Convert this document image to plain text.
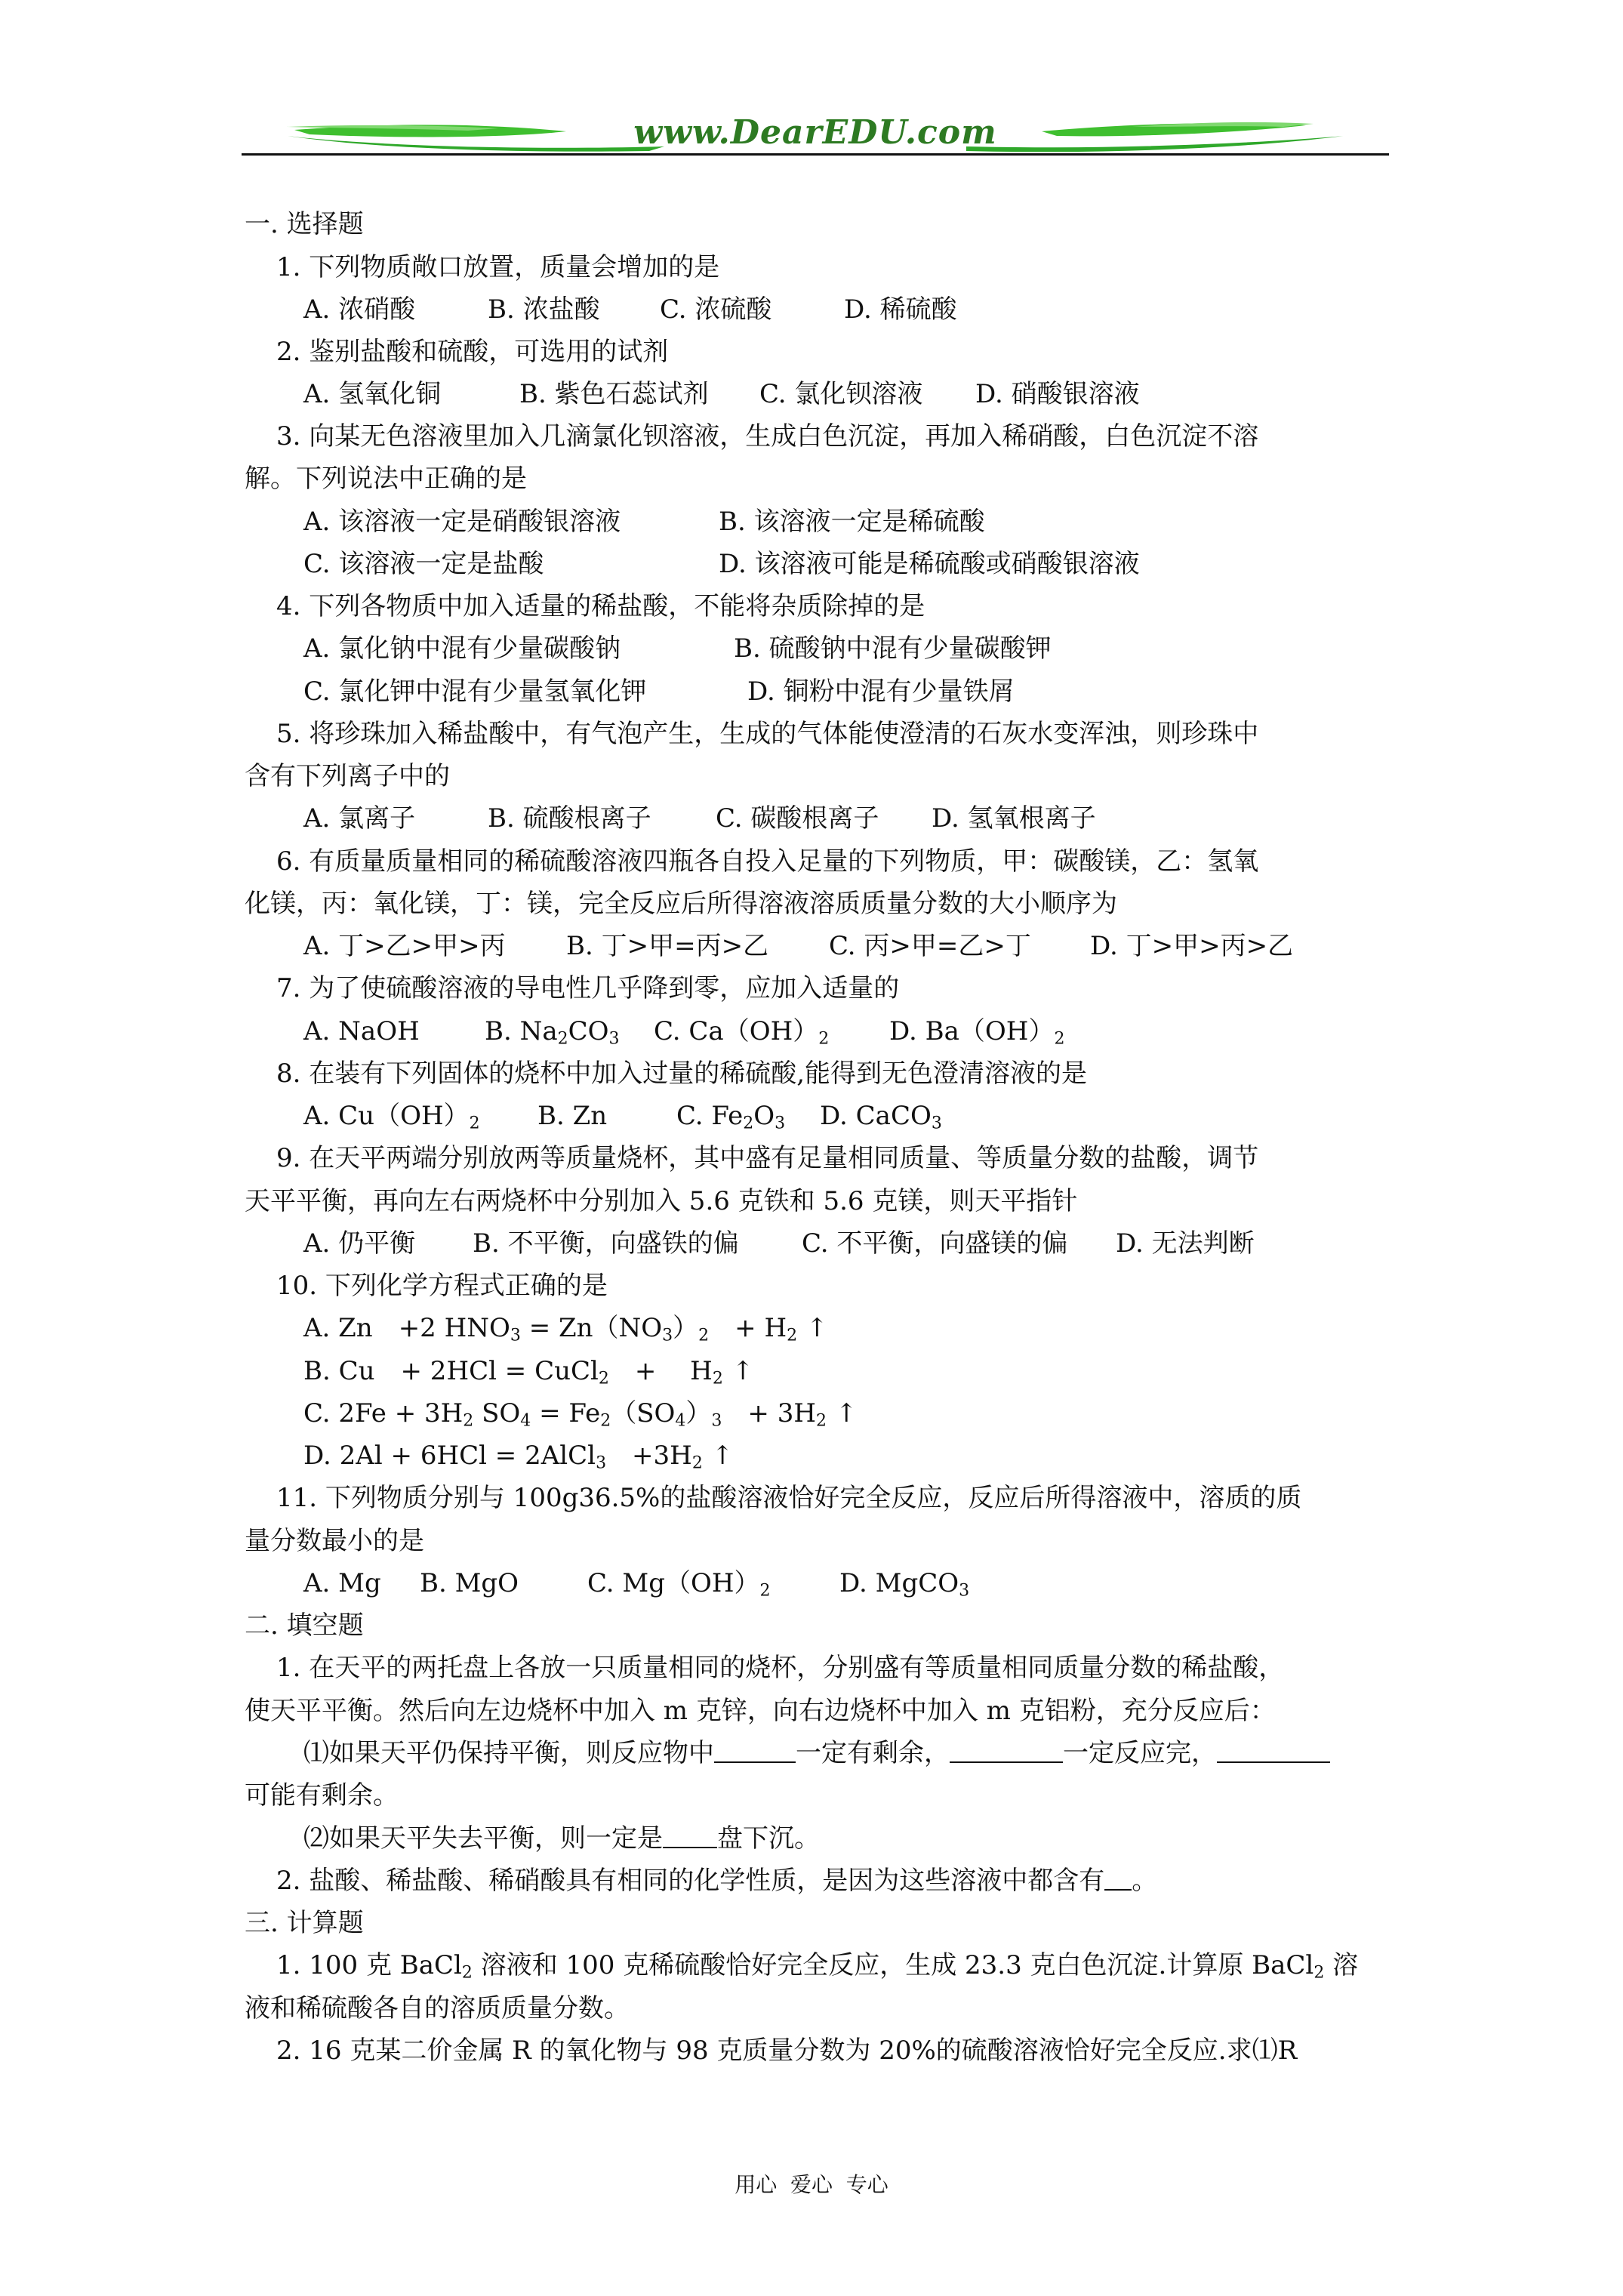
www.DearEDU.com
一. 选择题
1. 下列物质敞口放置，质量会增加的是
A. 浓硝酸	B. 浓盐酸 C. 浓硫酸	D. 稀硫酸
2. 鉴别盐酸和硫酸，可选用的试剂
A. 氢氧化铜	B. 紫色石蕊试剂 C. 氯化钡溶液 D. 硝酸银溶液
3. 向某无色溶液里加入几滴氯化钡溶液，生成白色沉淀，再加入稀硝酸，白色沉淀不溶
解。下列说法中正确的是
A. 该溶液一定是硝酸银溶液	B. 该溶液一定是稀硫酸
C. 该溶液一定是盐酸	D. 该溶液可能是稀硫酸或硝酸银溶液
4. 下列各物质中加入适量的稀盐酸，不能将杂质除掉的是
A. 氯化钠中混有少量碳酸钠	B. 硫酸钠中混有少量碳酸钾
C. 氯化钾中混有少量氢氧化钾	D. 铜粉中混有少量铁屑
5. 将珍珠加入稀盐酸中，有气泡产生，生成的气体能使澄清的石灰水变浑浊，则珍珠中
含有下列离子中的
A. 氯离子	B. 硫酸根离子	C. 碳酸根离子 D. 氢氧根离子
6. 有质量质量相同的稀硫酸溶液四瓶各自投入足量的下列物质，甲：碳酸镁，乙：氢氧
化镁，丙：氧化镁，丁：镁，完全反应后所得溶液溶质质量分数的大小顺序为
A. 丁>乙>甲>丙 B. 丁>甲=丙>乙 C. 丙>甲=乙>丁 D. 丁>甲>丙>乙
7. 为了使硫酸溶液的导电性几乎降到零，应加入适量的
A. NaOH	B. $Na_2CO_3$ C. $Ca(OH)_2$ D. $Ba(OH)_2$
8. 在装有下列固体的烧杯中加入过量的稀硫酸,能得到无色澄清溶液的是
A. $Cu(OH)_2$ B. Zn	C. $Fe_2O_3$ D. CaCO$_3$
9. 在天平两端分别放两等质量烧杯，其中盛有足量相同质量、等质量分数的盐酸，调节
天平平衡，再向左右两烧杯中分别加入 5.6 克铁和 5.6 克镁，则天平指针
A. 仍平衡 B. 不平衡，向盛铁的偏 C. 不平衡，向盛镁的偏 D. 无法判断
10. 下列化学方程式正确的是
A. Zn　+2 $HNO_3 = Zn(NO_3)_2$　+ $H_2$ ↑
B. Cu　+ 2HCl = CuCl$_2$　+　 $H_2$ ↑
C. $2Fe + 3H_2$ $SO_4 = Fe_2(SO_4)_3$　+ $3H_2$ ↑
D. 2Al + 6HCl = 2AlCl$_3$　$+3H_2$ ↑
11. 下列物质分别与 100g36.5%的盐酸溶液恰好完全反应，反应后所得溶液中，溶质的质
量分数最小的是
A. Mg B. MgO	C. $Mg(OH)_2$	D. MgCO$_3$
二. 填空题
1. 在天平的两托盘上各放一只质量相同的烧杯，分别盛有等质量相同质量分数的稀盐酸，
使天平平衡。然后向左边烧杯中加入 m 克锌，向右边烧杯中加入 m 克铝粉，充分反应后：
⑴如果天平仍保持平衡，则反应物中	一定有剩余，	一定反应完，
可能有剩余。
⑵如果天平失去平衡，则一定是 盘下沉。
2. 盐酸、稀盐酸、稀硝酸具有相同的化学性质，是因为这些溶液中都含有 。
三. 计算题
1. 100 克 BaCl$_2$ 溶液和 100 克稀硫酸恰好完全反应，生成 23.3 克白色沉淀.计算原 BaCl$_2$ 溶
液和稀硫酸各自的溶质质量分数。
2. 16 克某二价金属 R 的氧化物与 98 克质量分数为 20%的硫酸溶液恰好完全反应.求⑴R
用心  爱心  专心
